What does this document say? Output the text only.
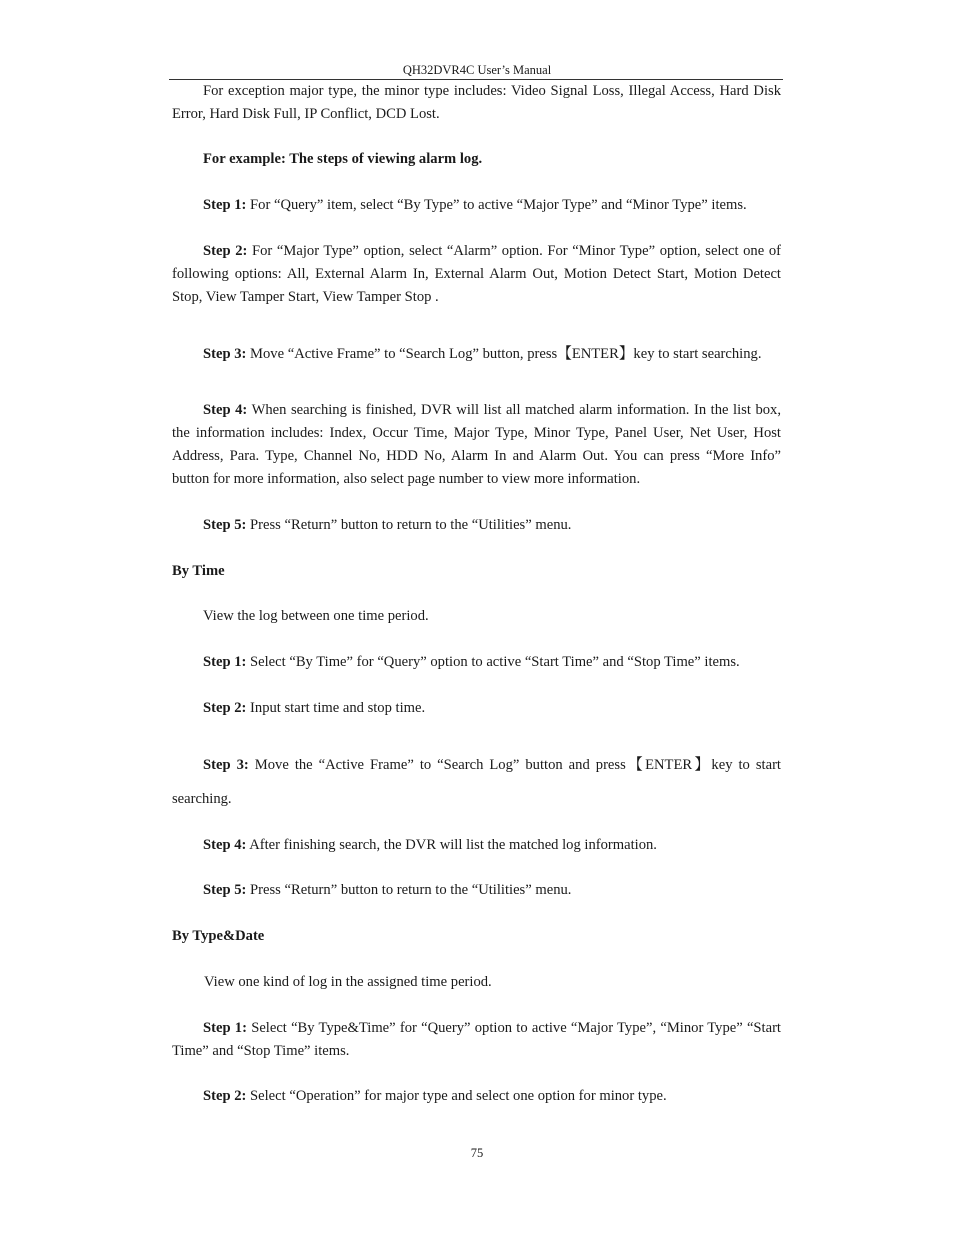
QH32DVR4C User’s Manual

For exception major type, the minor type includes: Video Signal Loss, Illegal Access, Hard Disk Error, Hard Disk Full, IP Conflict, DCD Lost.

For example: The steps of viewing alarm log.

Step 1: For “Query” item, select “By Type” to active “Major Type” and “Minor Type” items.

Step 2: For “Major Type” option, select “Alarm” option. For “Minor Type” option, select one of following options: All, External Alarm In, External Alarm Out, Motion Detect Start, Motion Detect Stop, View Tamper Start, View Tamper Stop .

Step 3: Move “Active Frame” to “Search Log” button, press【ENTER】key to start searching.

Step 4: When searching is finished, DVR will list all matched alarm information. In the list box, the information includes: Index, Occur Time, Major Type, Minor Type, Panel User, Net User, Host Address, Para. Type, Channel No, HDD No, Alarm In and Alarm Out. You can press “More Info” button for more information, also select page number to view more information.

Step 5: Press “Return” button to return to the “Utilities” menu.

By Time

View the log between one time period.

Step 1: Select “By Time” for “Query” option to active “Start Time” and “Stop Time” items.

Step 2: Input start time and stop time.

Step 3: Move the “Active Frame” to “Search Log” button and press【ENTER】key to start

searching.

Step 4: After finishing search, the DVR will list the matched log information.

Step 5: Press “Return” button to return to the “Utilities” menu.

By Type&Date

View one kind of log in the assigned time period.

Step 1: Select “By Type&Time” for “Query” option to active “Major Type”, “Minor Type” “Start Time” and “Stop Time” items.

Step 2: Select “Operation” for major type and select one option for minor type.

75
